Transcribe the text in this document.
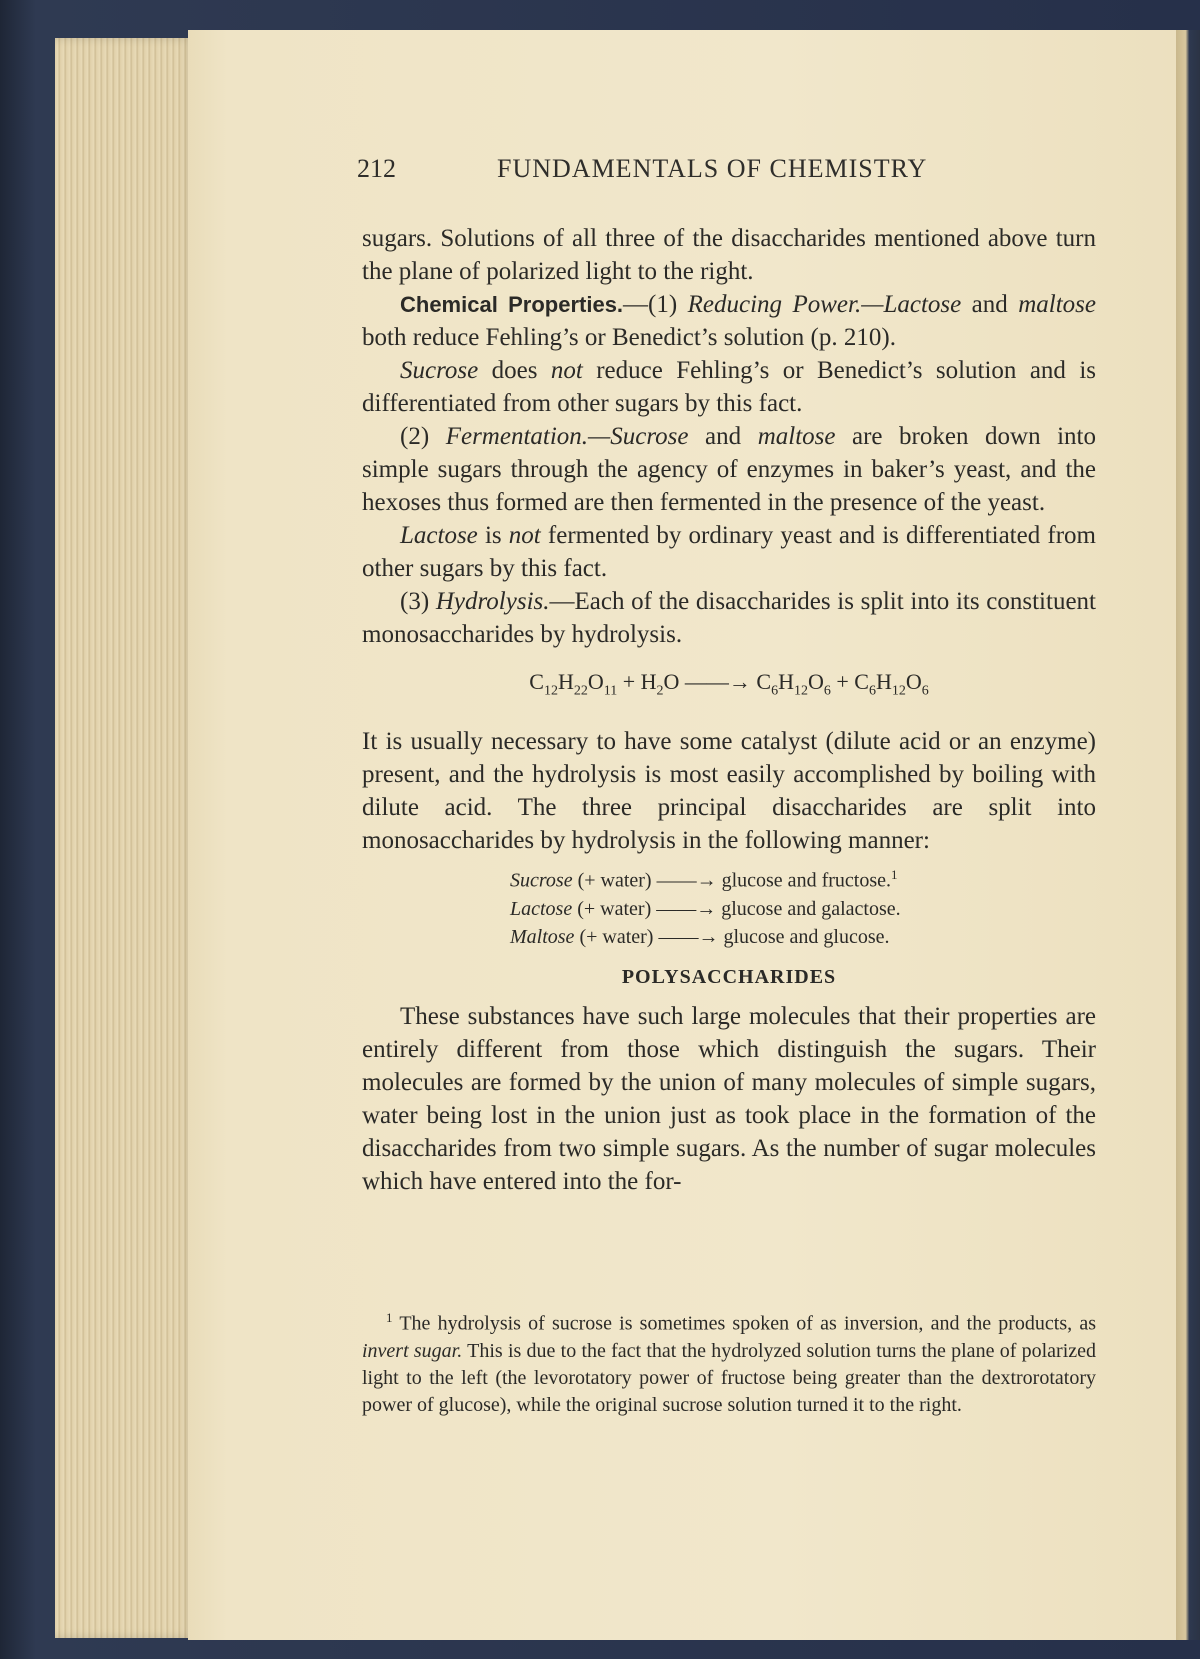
212	FUNDAMENTALS OF CHEMISTRY

sugars. Solutions of all three of the disaccharides mentioned above turn the plane of polarized light to the right.

Chemical Properties.—(1) Reducing Power.—Lactose and maltose both reduce Fehling’s or Benedict’s solution (p. 210).

Sucrose does not reduce Fehling’s or Benedict’s solution and is differentiated from other sugars by this fact.

(2) Fermentation.—Sucrose and maltose are broken down into simple sugars through the agency of enzymes in baker’s yeast, and the hexoses thus formed are then fermented in the presence of the yeast.

Lactose is not fermented by ordinary yeast and is differentiated from other sugars by this fact.

(3) Hydrolysis.—Each of the disaccharides is split into its constituent monosaccharides by hydrolysis.

$C_{12}H_{22}O_{11} + H_2O$ ——→ $C_6H_{12}O_6 + C_6H_{12}O_6$

It is usually necessary to have some catalyst (dilute acid or an enzyme) present, and the hydrolysis is most easily accomplished by boiling with dilute acid. The three principal disaccharides are split into monosaccharides by hydrolysis in the following manner:

Sucrose (+ water) ——→ glucose and fructose.$^1$
Lactose (+ water) ——→ glucose and galactose.
Maltose (+ water) ——→ glucose and glucose.

POLYSACCHARIDES

These substances have such large molecules that their properties are entirely different from those which distinguish the sugars. Their molecules are formed by the union of many molecules of simple sugars, water being lost in the union just as took place in the formation of the disaccharides from two simple sugars. As the number of sugar molecules which have entered into the for-

$^1$ The hydrolysis of sucrose is sometimes spoken of as inversion, and the products, as invert sugar. This is due to the fact that the hydrolyzed solution turns the plane of polarized light to the left (the levorotatory power of fructose being greater than the dextrorotatory power of glucose), while the original sucrose solution turned it to the right.
